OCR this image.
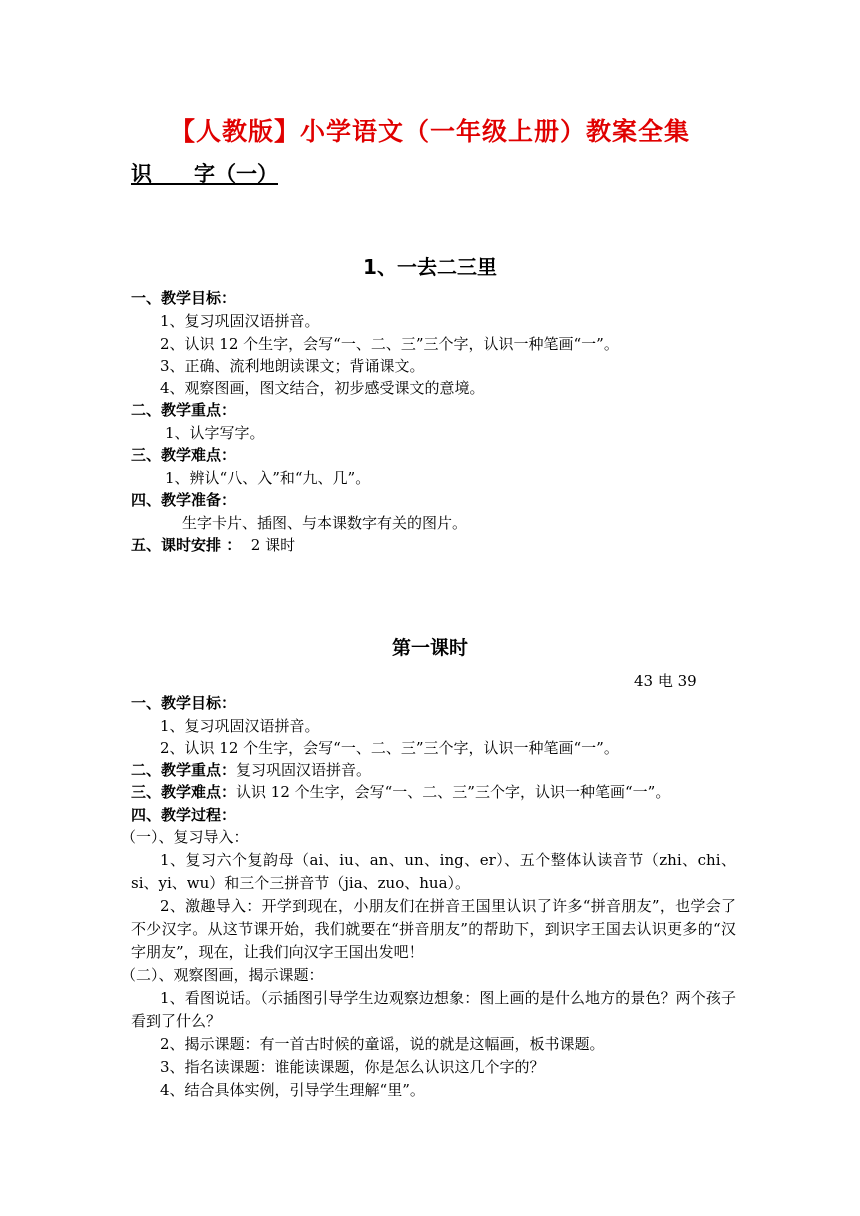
【人教版】小学语文（一年级上册）教案全集
识　　字（一）
1、一去二三里
一、教学目标：
1、复习巩固汉语拼音。
2、认识 12 个生字，会写“一、二、三”三个字，认识一种笔画“一”。
3、正确、流利地朗读课文；背诵课文。
4、观察图画，图文结合，初步感受课文的意境。
二、教学重点：
1、认字写字。
三、教学难点：
1、辨认“八、入”和“九、几”。
四、教学准备：
生字卡片、插图、与本课数字有关的图片。
五、课时安排 ： 2 课时
第一课时
43 电 39
一、教学目标：
1、复习巩固汉语拼音。
2、认识 12 个生字，会写“一、二、三”三个字，认识一种笔画“一”。
二、教学重点：复习巩固汉语拼音。
三、教学难点：认识 12 个生字，会写“一、二、三”三个字，认识一种笔画“一”。
四、教学过程：
（一）、复习导入：
1、复习六个复韵母（ai、iu、an、un、ing、er）、五个整体认读音节（zhi、chi、si、yi、wu）和三个三拼音节（jia、zuo、hua）。
2、激趣导入：开学到现在，小朋友们在拼音王国里认识了许多“拼音朋友”，也学会了不少汉字。从这节课开始，我们就要在“拼音朋友”的帮助下，到识字王国去认识更多的“汉字朋友”，现在，让我们向汉字王国出发吧！
（二）、观察图画，揭示课题：
1、看图说话。（示插图引导学生边观察边想象：图上画的是什么地方的景色？两个孩子看到了什么？
2、揭示课题：有一首古时候的童谣，说的就是这幅画，板书课题。
3、指名读课题：谁能读课题，你是怎么认识这几个字的？
4、结合具体实例，引导学生理解“里”。
